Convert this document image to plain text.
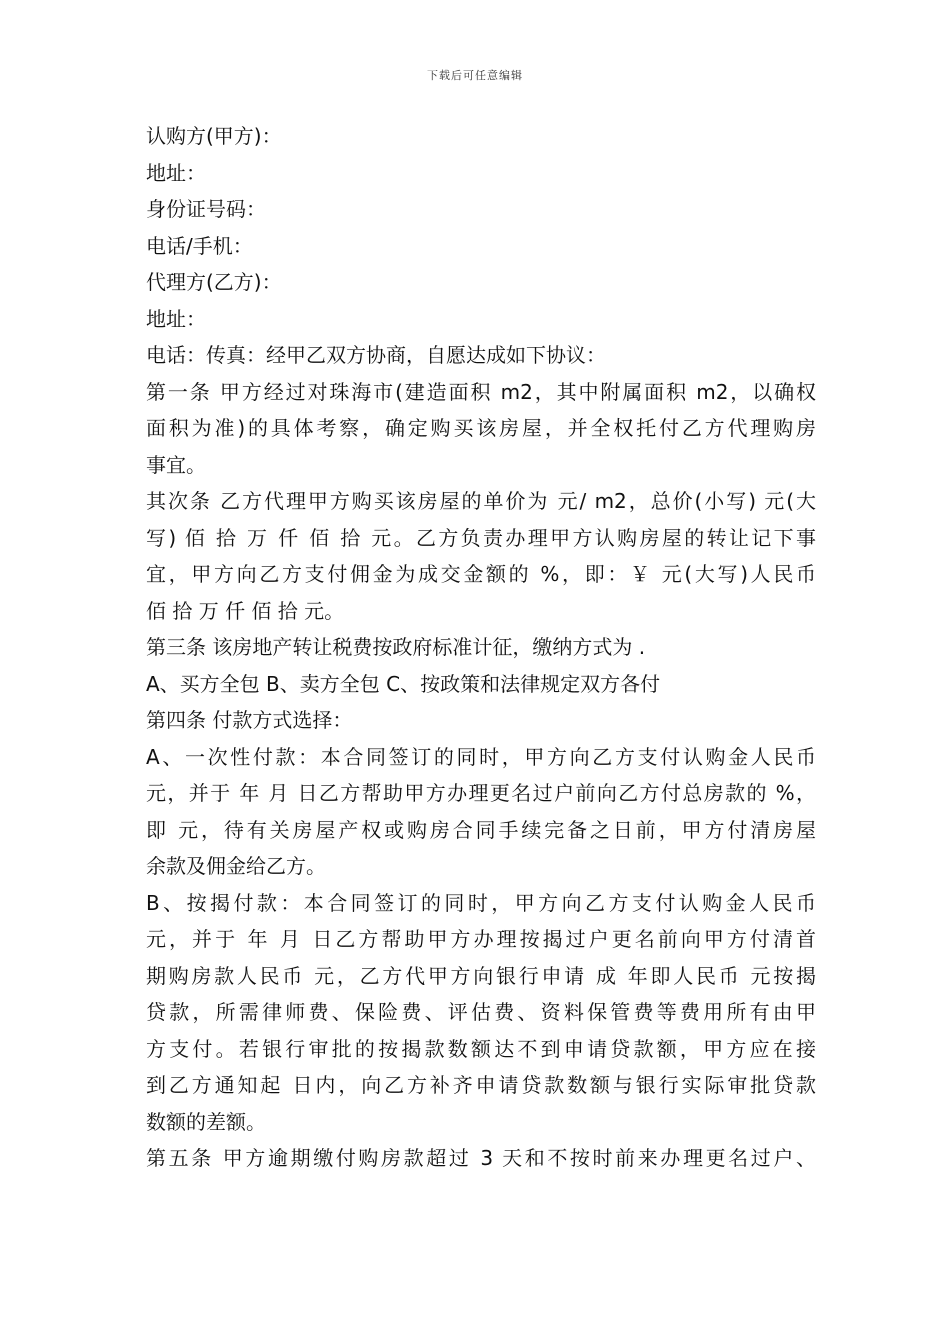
下载后可任意编辑
认购方(甲方)：
地址：
身份证号码：
电话/手机：
代理方(乙方)：
地址：
电话：传真：经甲乙双方协商，自愿达成如下协议：
第一条 甲方经过对珠海市(建造面积 m2，其中附属面积 m2，以确权
面积为准)的具体考察，确定购买该房屋，并全权托付乙方代理购房
事宜。
其次条 乙方代理甲方购买该房屋的单价为 元/ m2，总价(小写) 元(大
写) 佰 拾 万 仟 佰 拾 元。乙方负责办理甲方认购房屋的转让记下事
宜，甲方向乙方支付佣金为成交金额的 %，即：￥ 元(大写)人民币
佰 拾 万 仟 佰 拾 元。
第三条 该房地产转让税费按政府标准计征，缴纳方式为 .
A、买方全包 B、卖方全包 C、按政策和法律规定双方各付
第四条 付款方式选择：
A、一次性付款：本合同签订的同时，甲方向乙方支付认购金人民币
元，并于 年 月 日乙方帮助甲方办理更名过户前向乙方付总房款的 %，
即 元，待有关房屋产权或购房合同手续完备之日前，甲方付清房屋
余款及佣金给乙方。
B、按揭付款：本合同签订的同时，甲方向乙方支付认购金人民币
元，并于 年 月 日乙方帮助甲方办理按揭过户更名前向甲方付清首
期购房款人民币 元，乙方代甲方向银行申请 成 年即人民币 元按揭
贷款，所需律师费、保险费、评估费、资料保管费等费用所有由甲
方支付。若银行审批的按揭款数额达不到申请贷款额，甲方应在接
到乙方通知起 日内，向乙方补齐申请贷款数额与银行实际审批贷款
数额的差额。
第五条 甲方逾期缴付购房款超过 3 天和不按时前来办理更名过户、
